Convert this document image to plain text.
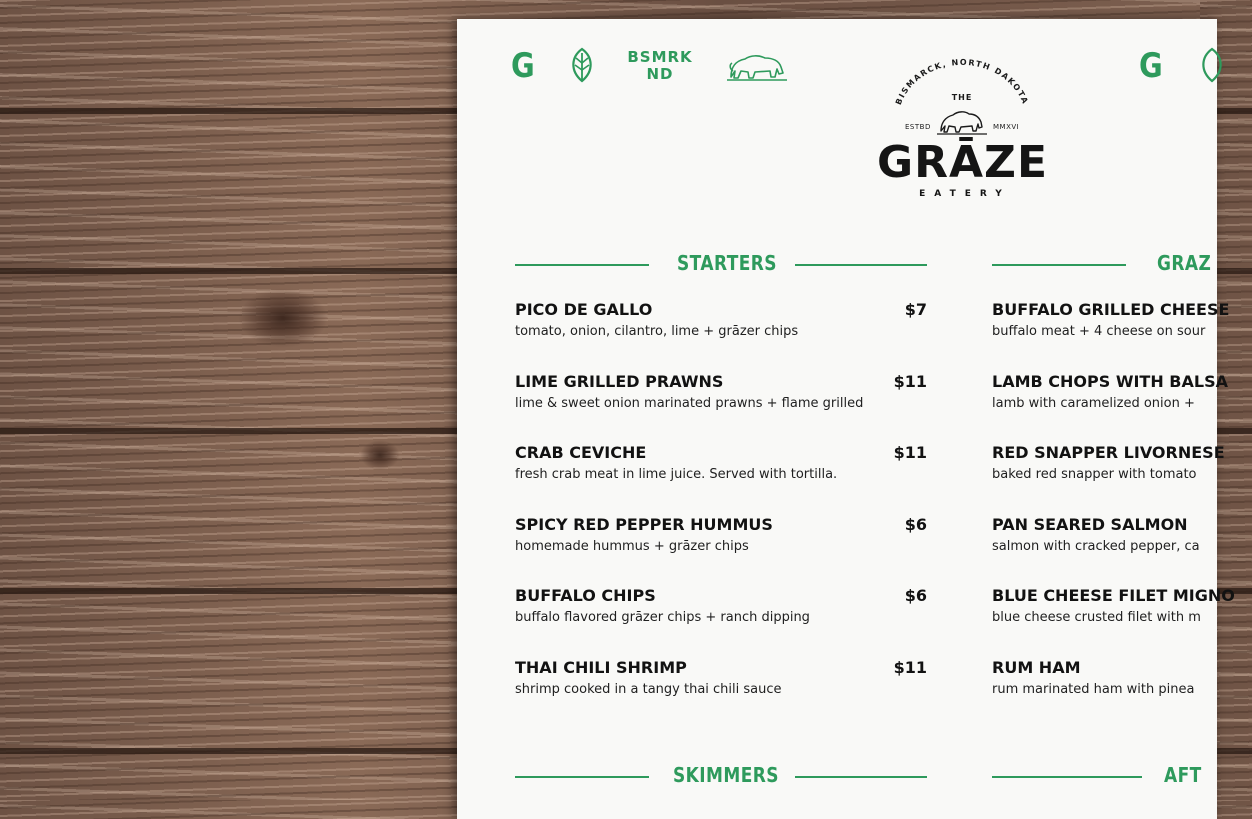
G	BSMRK
ND	G
BISMARCK, NORTH DAKOTA
THE
ESTBD	MMXVI
GRĀZE
EATERY
STARTERS	GRAZ
PICO DE GALLO	$7
tomato, onion, cilantro, lime + grāzer chips
LIME GRILLED PRAWNS	$11
lime & sweet onion marinated prawns + flame grilled
CRAB CEVICHE	$11
fresh crab meat in lime juice. Served with tortilla.
SPICY RED PEPPER HUMMUS	$6
homemade hummus + grāzer chips
BUFFALO CHIPS	$6
buffalo flavored grāzer chips + ranch dipping
THAI CHILI SHRIMP	$11
shrimp cooked in a tangy thai chili sauce
BUFFALO GRILLED CHEESE
buffalo meat + 4 cheese on sour
LAMB CHOPS WITH BALSA
lamb with caramelized onion +
RED SNAPPER LIVORNESE
baked red snapper with tomato
PAN SEARED SALMON
salmon with cracked pepper, ca
BLUE CHEESE FILET MIGNO
blue cheese crusted filet with m
RUM HAM
rum marinated ham with pinea
SKIMMERS	AFT
